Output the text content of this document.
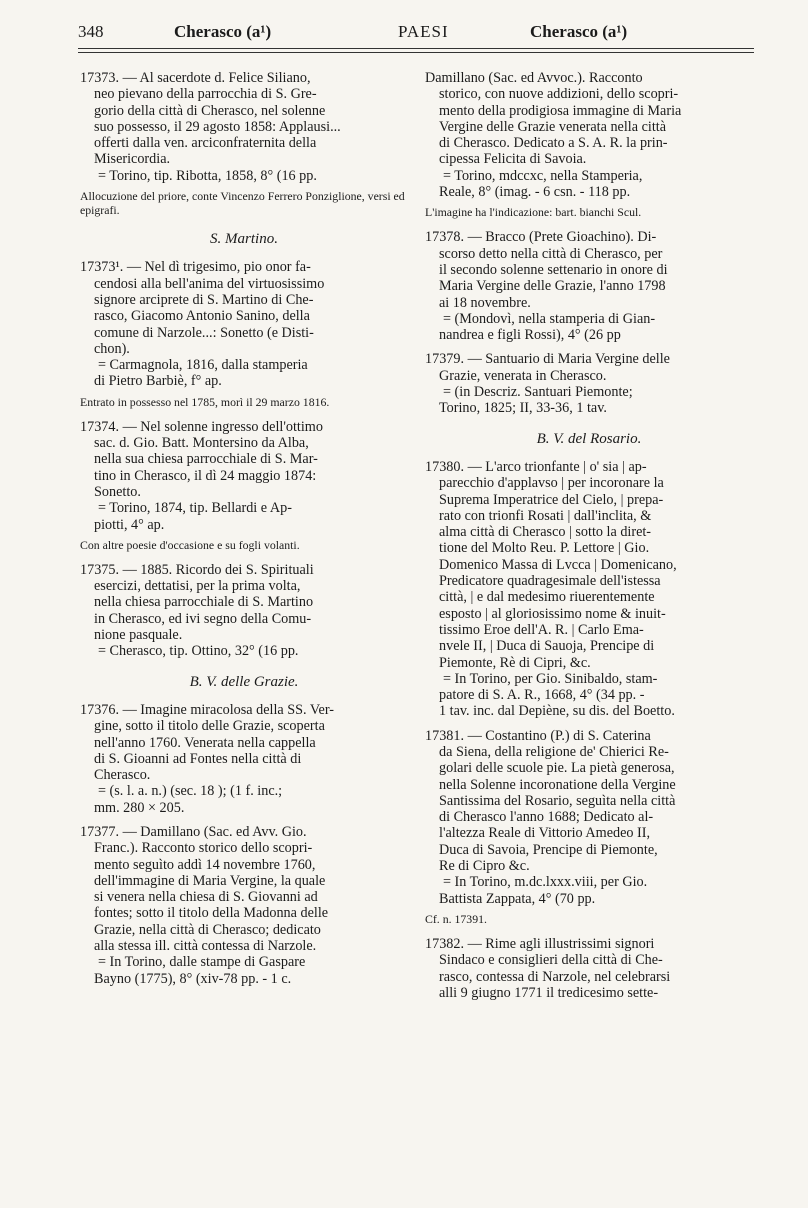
348	Cherasco (a¹)	PAESI	Cherasco (a¹)
17373. — Al sacerdote d. Felice Siliano,
neo pievano della parrocchia di S. Gre-
gorio della città di Cherasco, nel solenne
suo possesso, il 29 agosto 1858: Applausi...
offerti dalla ven. arciconfraternita della
Misericordia.
= Torino, tip. Ribotta, 1858, 8° (16 pp.
Allocuzione del priore, conte Vincenzo Ferrero Ponziglione, versi ed epigrafi.
S. Martino.
17373¹. — Nel dì trigesimo, pio onor fa-
cendosi alla bell'anima del virtuosissimo
signore arciprete di S. Martino di Che-
rasco, Giacomo Antonio Sanino, della
comune di Narzole...: Sonetto (e Disti-
chon).
= Carmagnola, 1816, dalla stamperia
di Pietro Barbiè, f° ap.
Entrato in possesso nel 1785, morì il 29 marzo 1816.
17374. — Nel solenne ingresso dell'ottimo
sac. d. Gio. Batt. Montersino da Alba,
nella sua chiesa parrocchiale di S. Mar-
tino in Cherasco, il dì 24 maggio 1874:
Sonetto.
= Torino, 1874, tip. Bellardi e Ap-
piotti, 4° ap.
Con altre poesie d'occasione e su fogli volanti.
17375. — 1885. Ricordo dei S. Spirituali
esercizi, dettatisi, per la prima volta,
nella chiesa parrocchiale di S. Martino
in Cherasco, ed ivi segno della Comu-
nione pasquale.
= Cherasco, tip. Ottino, 32° (16 pp.
B. V. delle Grazie.
17376. — Imagine miracolosa della SS. Ver-
gine, sotto il titolo delle Grazie, scoperta
nell'anno 1760. Venerata nella cappella
di S. Gioanni ad Fontes nella città di
Cherasco.
= (s. l. a. n.) (sec. 18 ); (1 f. inc.;
mm. 280 × 205.
17377. — Damillano (Sac. ed Avv. Gio.
Franc.). Racconto storico dello scopri-
mento seguìto addì 14 novembre 1760,
dell'immagine di Maria Vergine, la quale
si venera nella chiesa di S. Giovanni ad
fontes; sotto il titolo della Madonna delle
Grazie, nella città di Cherasco; dedicato
alla stessa ill. città contessa di Narzole.
= In Torino, dalle stampe di Gaspare
Bayno (1775), 8° (xiv-78 pp. - 1 c.
Damillano (Sac. ed Avvoc.). Racconto
storico, con nuove addizioni, dello scopri-
mento della prodigiosa immagine di Maria
Vergine delle Grazie venerata nella città
di Cherasco. Dedicato a S. A. R. la prin-
cipessa Felicita di Savoia.
= Torino, mdccxc, nella Stamperia,
Reale, 8° (imag. - 6 csn. - 118 pp.
L'imagine ha l'indicazione: bart. bianchi Scul.
17378. — Bracco (Prete Gioachino). Di-
scorso detto nella città di Cherasco, per
il secondo solenne settenario in onore di
Maria Vergine delle Grazie, l'anno 1798
ai 18 novembre.
= (Mondovì, nella stamperia di Gian-
nandrea e figli Rossi), 4° (26 pp
17379. — Santuario di Maria Vergine delle
Grazie, venerata in Cherasco.
= (in Descriz. Santuari Piemonte;
Torino, 1825; II, 33-36, 1 tav.
B. V. del Rosario.
17380. — L'arco trionfante | o' sia | ap-
parecchio d'applavso | per incoronare la
Suprema Imperatrice del Cielo, | prepa-
rato con trionfi Rosati | dall'inclita, &
alma città di Cherasco | sotto la diret-
tione del Molto Reu. P. Lettore | Gio.
Domenico Massa di Lvcca | Domenicano,
Predicatore quadragesimale dell'istessa
città, | e dal medesimo riuerentemente
esposto | al gloriosissimo nome & inuit-
tissimo Eroe dell'A. R. | Carlo Ema-
nvele II, | Duca di Sauoja, Prencipe di
Piemonte, Rè di Cipri, &c.
= In Torino, per Gio. Sinibaldo, stam-
patore di S. A. R., 1668, 4° (34 pp. -
1 tav. inc. dal Depiène, su dis. del Boetto.
17381. — Costantino (P.) di S. Caterina
da Siena, della religione de' Chierici Re-
golari delle scuole pie. La pietà generosa,
nella Solenne incoronatione della Vergine
Santissima del Rosario, seguìta nella città
di Cherasco l'anno 1688; Dedicato al-
l'altezza Reale di Vittorio Amedeo II,
Duca di Savoia, Prencipe di Piemonte,
Re di Cipro &c.
= In Torino, m.dc.lxxx.viii, per Gio.
Battista Zappata, 4° (70 pp.
Cf. n. 17391.
17382. — Rime agli illustrissimi signori
Sindaco e consiglieri della città di Che-
rasco, contessa di Narzole, nel celebrarsi
alli 9 giugno 1771 il tredicesimo sette-
